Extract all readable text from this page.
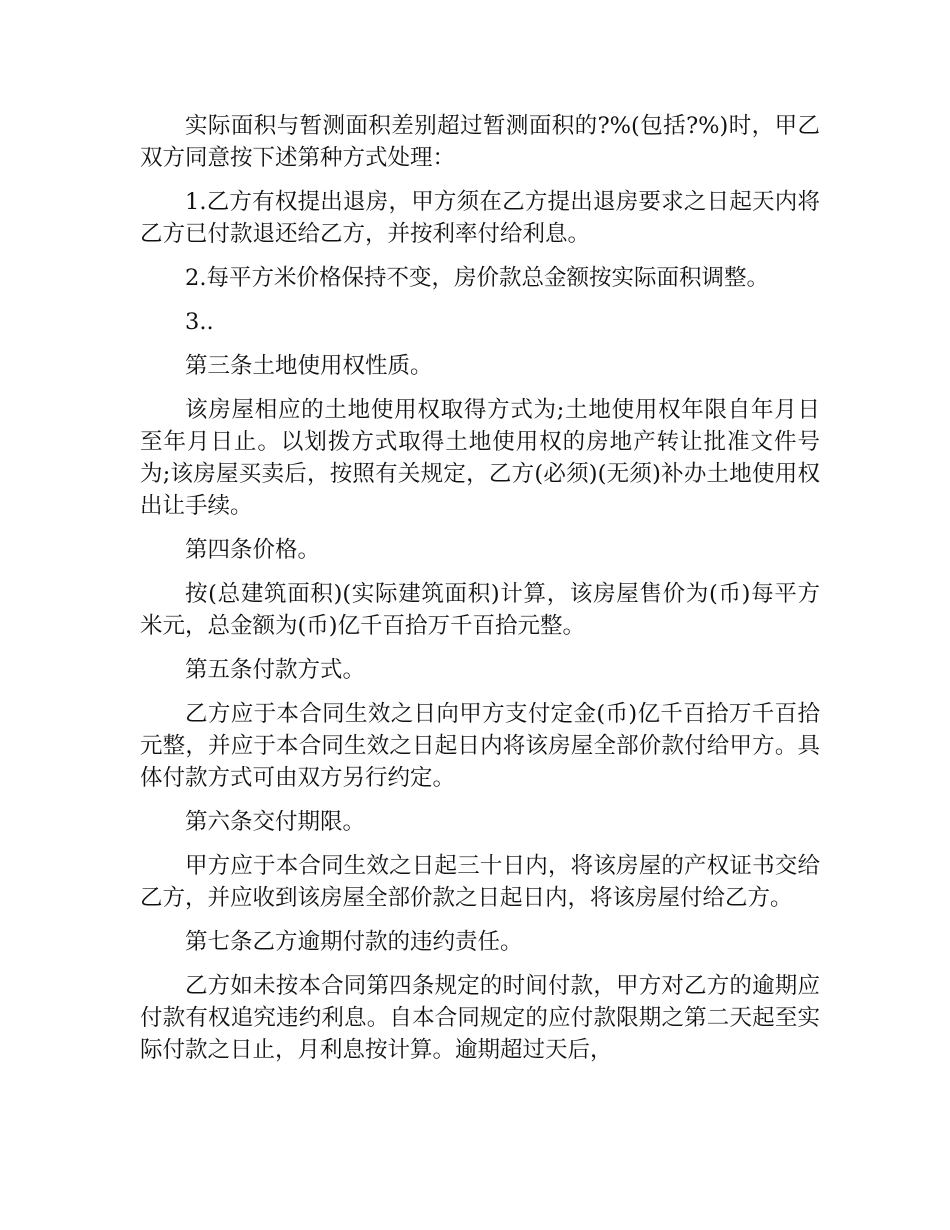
实际面积与暂测面积差别超过暂测面积的?%(包括?%)时，甲乙双方同意按下述第种方式处理：

1.乙方有权提出退房，甲方须在乙方提出退房要求之日起天内将乙方已付款退还给乙方，并按利率付给利息。

2.每平方米价格保持不变，房价款总金额按实际面积调整。

3..

第三条土地使用权性质。

该房屋相应的土地使用权取得方式为;土地使用权年限自年月日至年月日止。以划拨方式取得土地使用权的房地产转让批准文件号为;该房屋买卖后，按照有关规定，乙方(必须)(无须)补办土地使用权出让手续。

第四条价格。

按(总建筑面积)(实际建筑面积)计算，该房屋售价为(币)每平方米元，总金额为(币)亿千百拾万千百拾元整。

第五条付款方式。

乙方应于本合同生效之日向甲方支付定金(币)亿千百拾万千百拾元整，并应于本合同生效之日起日内将该房屋全部价款付给甲方。具体付款方式可由双方另行约定。

第六条交付期限。

甲方应于本合同生效之日起三十日内，将该房屋的产权证书交给乙方，并应收到该房屋全部价款之日起日内，将该房屋付给乙方。

第七条乙方逾期付款的违约责任。

乙方如未按本合同第四条规定的时间付款，甲方对乙方的逾期应付款有权追究违约利息。自本合同规定的应付款限期之第二天起至实际付款之日止，月利息按计算。逾期超过天后，
